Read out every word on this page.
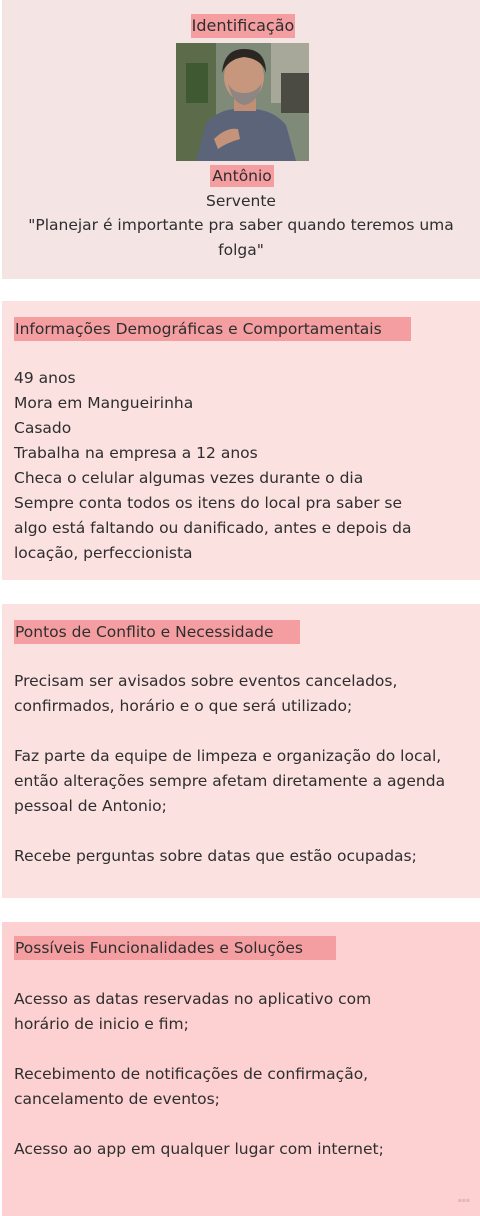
Identificação
Antônio
Servente
"Planejar é importante pra saber quando teremos uma folga"
Informações Demográficas e Comportamentais

49 anos

Mora em Mangueirinha

Casado

Trabalha na empresa a 12 anos

Checa o celular algumas vezes durante o dia

Sempre conta todos os itens do local pra saber se algo está faltando ou danificado, antes e depois da locação, perfeccionista

Pontos de Conflito e Necessidade

Precisam ser avisados sobre eventos cancelados, confirmados, horário e o que será utilizado;

Faz parte da equipe de limpeza e organização do local, então alterações sempre afetam diretamente a agenda pessoal de Antonio;

Recebe perguntas sobre datas que estão ocupadas;

Possíveis Funcionalidades e Soluções

Acesso as datas reservadas no aplicativo com horário de inicio e fim;

Recebimento de notificações de confirmação, cancelamento de eventos;

Acesso ao app em qualquer lugar com internet;

▪▪▪
